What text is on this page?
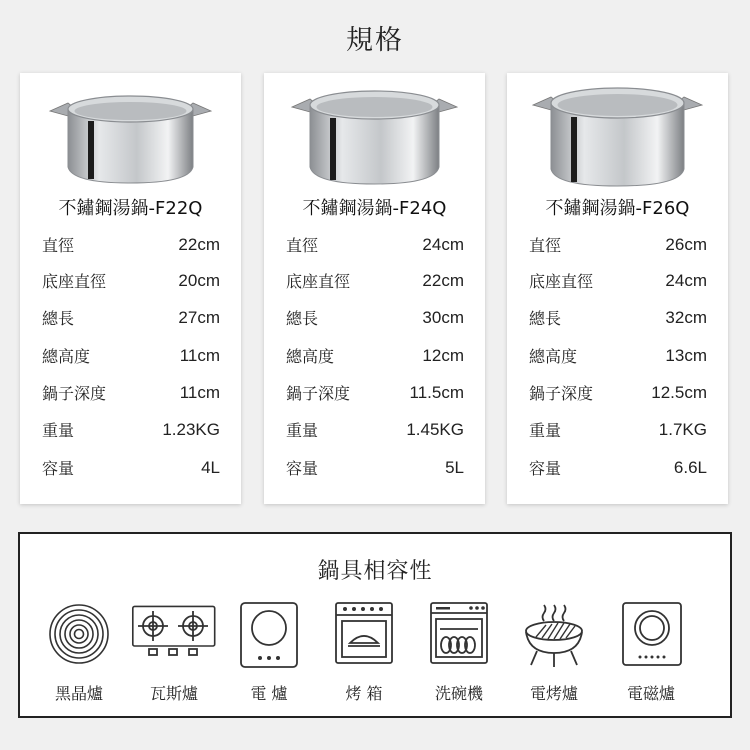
規格
不鏽鋼湯鍋-F22Q
直徑	22cm
底座直徑	20cm
總長	27cm
總高度	11cm
鍋子深度	11cm
重量	1.23KG
容量	4L
不鏽鋼湯鍋-F24Q
直徑	24cm
底座直徑	22cm
總長	30cm
總高度	12cm
鍋子深度	11.5cm
重量	1.45KG
容量	5L
不鏽鋼湯鍋-F26Q
直徑	26cm
底座直徑	24cm
總長	32cm
總高度	13cm
鍋子深度	12.5cm
重量	1.7KG
容量	6.6L
鍋具相容性
黑晶爐	瓦斯爐	電 爐	烤 箱	洗碗機	電烤爐	電磁爐
